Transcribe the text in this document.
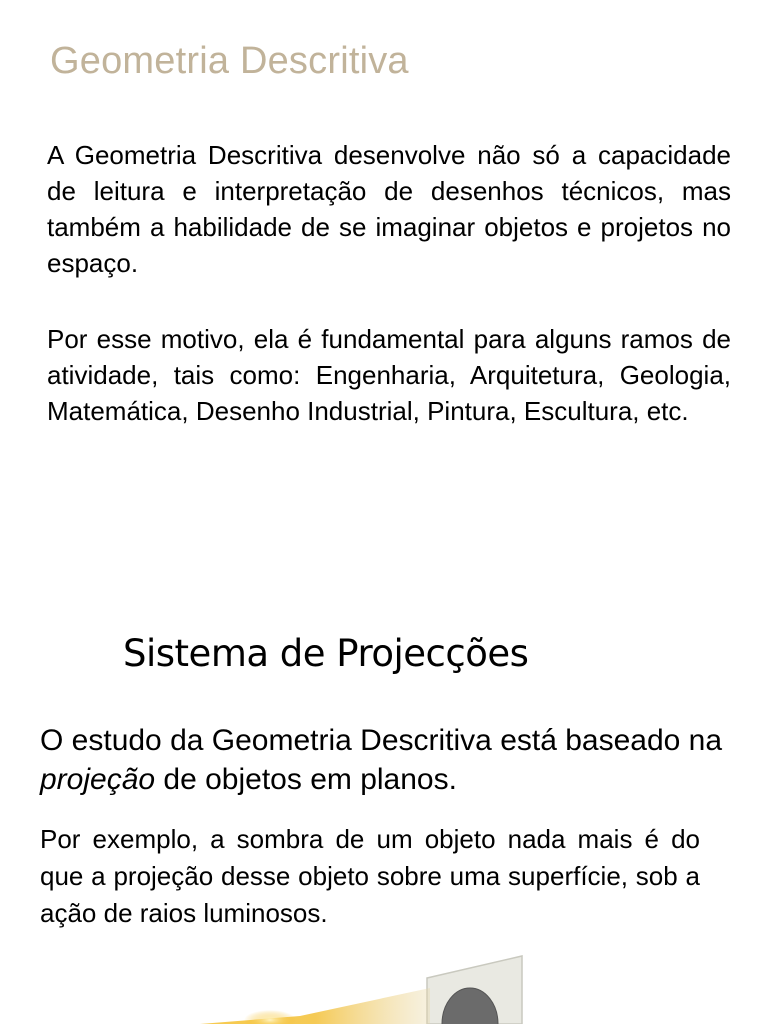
Geometria Descritiva

A Geometria Descritiva desenvolve não só a capacidade de leitura e interpretação de desenhos técnicos, mas também a habilidade de se imaginar objetos e projetos no espaço.

Por esse motivo, ela é fundamental para alguns ramos de atividade, tais como: Engenharia, Arquitetura, Geologia, Matemática, Desenho Industrial, Pintura, Escultura, etc.

Sistema de Projecções

O estudo da Geometria Descritiva está baseado na projeção de objetos em planos.

Por exemplo, a sombra de um objeto nada mais é do que a projeção desse objeto sobre uma superfície, sob a ação de raios luminosos.
